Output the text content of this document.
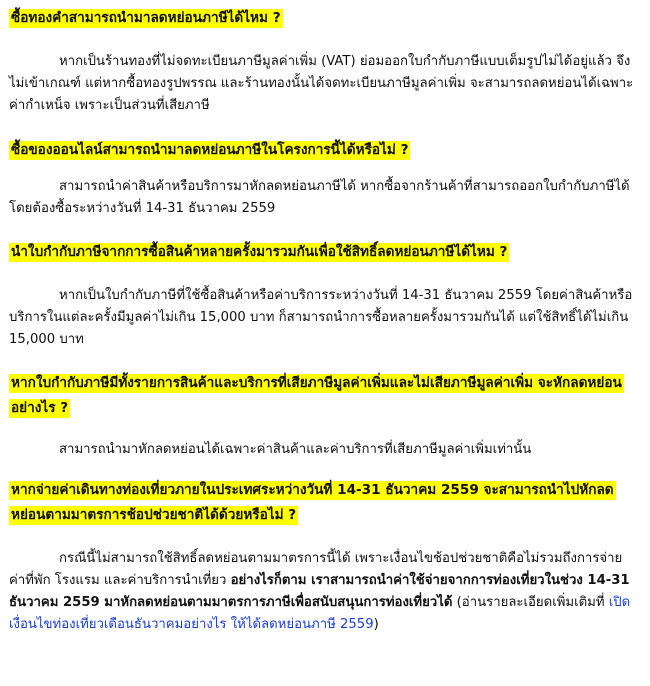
ซื้อทองคำสามารถนำมาลดหย่อนภาษีได้ไหม ?

หากเป็นร้านทองที่ไม่จดทะเบียนภาษีมูลค่าเพิ่ม (VAT) ย่อมออกใบกำกับภาษีแบบเต็มรูปไม่ได้อยู่แล้ว จึงไม่เข้าเกณฑ์ แต่หากซื้อทองรูปพรรณ และร้านทองนั้นได้จดทะเบียนภาษีมูลค่าเพิ่ม จะสามารถลดหย่อนได้เฉพาะค่ากำเหน็จ เพราะเป็นส่วนที่เสียภาษี

ซื้อของออนไลน์สามารถนำมาลดหย่อนภาษีในโครงการนี้ได้หรือไม่ ?

สามารถนำค่าสินค้าหรือบริการมาหักลดหย่อนภาษีได้ หากซื้อจากร้านค้าที่สามารถออกใบกำกับภาษีได้ โดยต้องซื้อระหว่างวันที่ 14-31 ธันวาคม 2559

นำใบกำกับภาษีจากการซื้อสินค้าหลายครั้งมารวมกันเพื่อใช้สิทธิ์ลดหย่อนภาษีได้ไหม ?

หากเป็นใบกำกับภาษีที่ใช้ซื้อสินค้าหรือค่าบริการระหว่างวันที่ 14-31 ธันวาคม 2559 โดยค่าสินค้าหรือบริการในแต่ละครั้งมีมูลค่าไม่เกิน 15,000 บาท ก็สามารถนำการซื้อหลายครั้งมารวมกันได้ แต่ใช้สิทธิ์ได้ไม่เกิน 15,000 บาท

หากใบกำกับภาษีมีทั้งรายการสินค้าและบริการที่เสียภาษีมูลค่าเพิ่มและไม่เสียภาษีมูลค่าเพิ่ม จะหักลดหย่อนอย่างไร ?

สามารถนำมาหักลดหย่อนได้เฉพาะค่าสินค้าและค่าบริการที่เสียภาษีมูลค่าเพิ่มเท่านั้น

หากจ่ายค่าเดินทางท่องเที่ยวภายในประเทศระหว่างวันที่ 14-31 ธันวาคม 2559 จะสามารถนำไปหักลดหย่อนตามมาตรการช้อปช่วยชาติได้ด้วยหรือไม่ ?

กรณีนี้ไม่สามารถใช้สิทธิ์ลดหย่อนตามมาตรการนี้ได้ เพราะเงื่อนไขช้อปช่วยชาติคือไม่รวมถึงการจ่ายค่าที่พัก โรงแรม และค่าบริการนำเที่ยว อย่างไรก็ตาม เราสามารถนำค่าใช้จ่ายจากการท่องเที่ยวในช่วง 14-31 ธันวาคม 2559 มาหักลดหย่อนตามมาตรการภาษีเพื่อสนับสนุนการท่องเที่ยวได้ (อ่านรายละเอียดเพิ่มเติมที่ เปิดเงื่อนไขท่องเที่ยวเดือนธันวาคมอย่างไร ให้ได้ลดหย่อนภาษี 2559)
